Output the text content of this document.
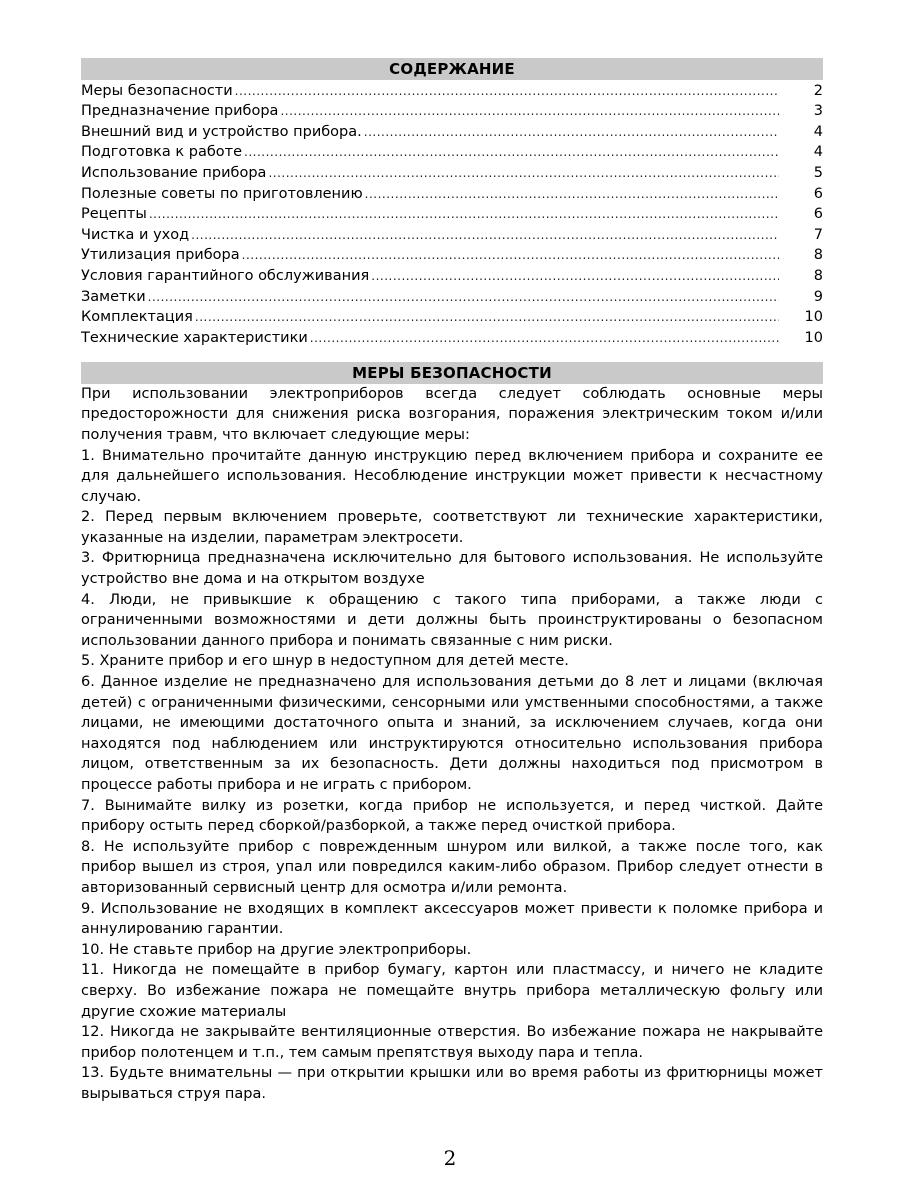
СОДЕРЖАНИЕ
Меры безопасности .....	2
Предназначение прибора .....	3
Внешний вид и устройство прибора. .....	4
Подготовка к работе .....	4
Использование прибора .....	5
Полезные советы по приготовлению .....	6
Рецепты .....	6
Чистка и уход .....	7
Утилизация прибора .....	8
Условия гарантийного обслуживания .....	8
Заметки .....	9
Комплектация .....	10
Технические характеристики .....	10
МЕРЫ БЕЗОПАСНОСТИ

При использовании электроприборов всегда следует соблюдать основные меры предосторожности для снижения риска возгорания, поражения электрическим током и/или получения травм, что включает следующие меры:

1. Внимательно прочитайте данную инструкцию перед включением прибора и сохраните ее для дальнейшего использования. Несоблюдение инструкции может привести к несчастному случаю.

2. Перед первым включением проверьте, соответствуют ли технические характеристики, указанные на изделии, параметрам электросети.

3. Фритюрница предназначена исключительно для бытового использования. Не используйте устройство вне дома и на открытом воздухе

4. Люди, не привыкшие к обращению с такого типа приборами, а также люди с ограниченными возможностями и дети должны быть проинструктированы о безопасном использовании данного прибора и понимать связанные с ним риски.

5. Храните прибор и его шнур в недоступном для детей месте.

6. Данное изделие не предназначено для использования детьми до 8 лет и лицами (включая детей) с ограниченными физическими, сенсорными или умственными способностями, а также лицами, не имеющими достаточного опыта и знаний, за исключением случаев, когда они находятся под наблюдением или инструктируются относительно использования прибора лицом, ответственным за их безопасность. Дети должны находиться под присмотром в процессе работы прибора и не играть с прибором.

7. Вынимайте вилку из розетки, когда прибор не используется, и перед чисткой. Дайте прибору остыть перед сборкой/разборкой, а также перед очисткой прибора.

8. Не используйте прибор с поврежденным шнуром или вилкой, а также после того, как прибор вышел из строя, упал или повредился каким-либо образом. Прибор следует отнести в авторизованный сервисный центр для осмотра и/или ремонта.

9. Использование не входящих в комплект аксессуаров может привести к поломке прибора и аннулированию гарантии.

10. Не ставьте прибор на другие электроприборы.

11. Никогда не помещайте в прибор бумагу, картон или пластмассу, и ничего не кладите сверху. Во избежание пожара не помещайте внутрь прибора металлическую фольгу или другие схожие материалы

12. Никогда не закрывайте вентиляционные отверстия. Во избежание пожара не накрывайте прибор полотенцем и т.п., тем самым препятствуя выходу пара и тепла.

13. Будьте внимательны — при открытии крышки или во время работы из фритюрницы может вырываться струя пара.

2
